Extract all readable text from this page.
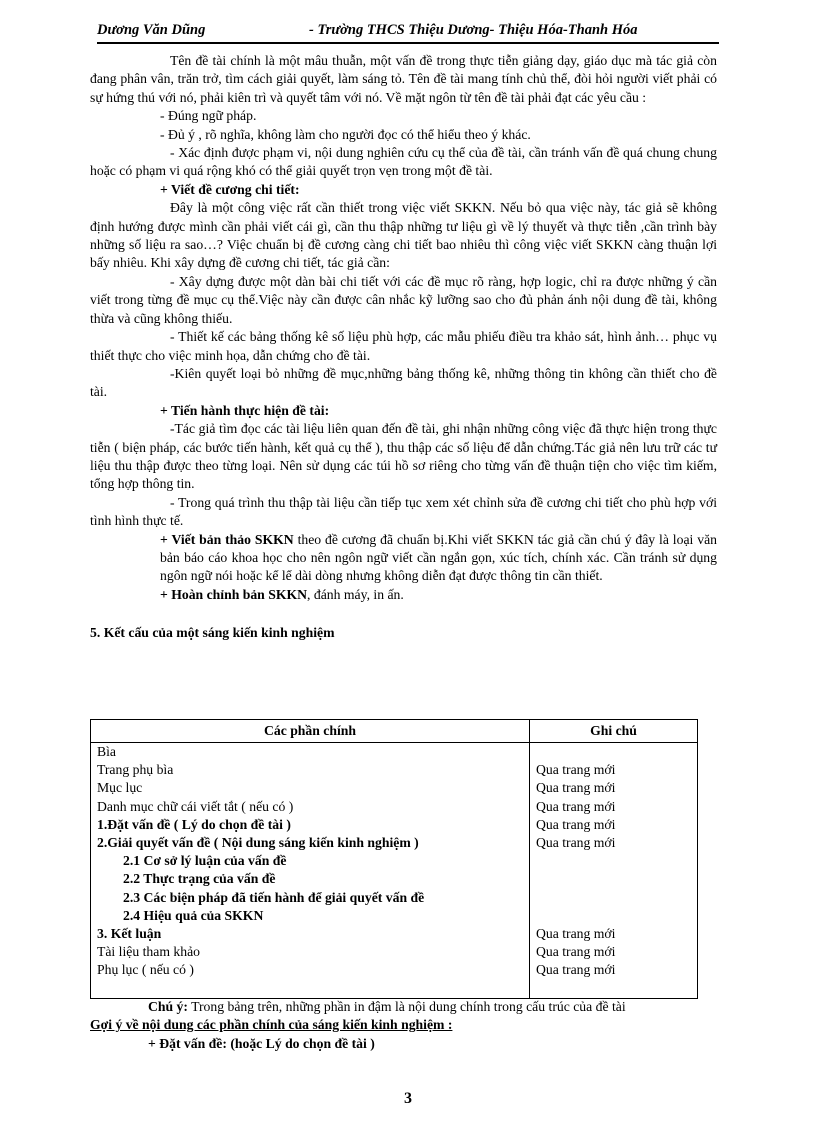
Dương Văn Dũng	- Trường THCS Thiệu Dương- Thiệu Hóa-Thanh Hóa

Tên đề tài chính là một mâu thuẫn, một vấn đề trong thực tiễn giảng dạy, giáo dục mà tác giả còn đang phân vân, trăn trở, tìm cách giải quyết, làm sáng tỏ. Tên đề tài mang tính chủ thể, đòi hỏi người viết phải có sự hứng thú với nó, phải kiên trì và quyết tâm với nó. Về mặt ngôn từ tên đề tài phải đạt các yêu cầu :

- Đúng ngữ pháp.

- Đủ ý , rõ nghĩa, không làm cho người đọc có thể hiểu theo ý khác.

- Xác định được phạm vi, nội dung nghiên cứu cụ thể của đề tài, cần tránh vấn đề quá chung chung hoặc có phạm vi quá rộng khó có thể giải quyết trọn vẹn trong một đề tài.

+ Viết đề cương chi tiết:

Đây là một công việc rất cần thiết trong việc viết SKKN. Nếu bỏ qua việc này, tác giả sẽ không định hướng được mình cần phải viết cái gì, cần thu thập những tư liệu gì về lý thuyết và thực tiễn ,cần trình bày những số liệu ra sao…? Việc chuẩn bị đề cương càng chi tiết bao nhiêu thì công việc viết SKKN càng thuận lợi bấy nhiêu. Khi xây dựng đề cương chi tiết, tác giả cần:

- Xây dựng được một dàn bài chi tiết với các đề mục rõ ràng, hợp logic, chỉ ra được những ý cần viết trong từng đề mục cụ thể.Việc này cần được cân nhắc kỹ lưỡng sao cho đủ phản ánh nội dung đề tài, không thừa và cũng không thiếu.

- Thiết kế các bảng thống kê số liệu phù hợp, các mẫu phiếu điều tra khảo sát, hình ảnh… phục vụ thiết thực cho việc minh họa, dẫn chứng cho đề tài.

-Kiên quyết loại bỏ những đề mục,những bảng thống kê, những thông tin không cần thiết cho đề tài.

+ Tiến hành thực hiện đề tài:

-Tác giả tìm đọc các tài liệu liên quan đến đề tài, ghi nhận những công việc đã thực hiện trong thực tiễn ( biện pháp, các bước tiến hành, kết quả cụ thể ), thu thập các số liệu để dẫn chứng.Tác giả nên lưu trữ các tư liệu thu thập được theo từng loại. Nên sử dụng các túi hồ sơ riêng cho từng vấn đề thuận tiện cho việc tìm kiếm, tổng hợp thông tin.

- Trong quá trình thu thập tài liệu cần tiếp tục xem xét chỉnh sửa đề cương chi tiết cho phù hợp với tình hình thực tế.

+ Viết bản thảo SKKN theo đề cương đã chuẩn bị.Khi viết SKKN tác giả cần chú ý đây là loại văn bản báo cáo khoa học cho nên ngôn ngữ viết cần ngắn gọn, xúc tích, chính xác. Cần tránh sử dụng ngôn ngữ nói hoặc kể lể dài dòng nhưng không diễn đạt được thông tin cần thiết.

+ Hoàn chỉnh bản SKKN, đánh máy, in ấn.

5. Kết cấu của một sáng kiến kinh nghiệm

Các phần chính	Ghi chú
Bìa	
Trang phụ bìa	Qua trang mới
Mục lục	Qua trang mới
Danh mục chữ cái viết tắt ( nếu có )	Qua trang mới
1.Đặt vấn đề ( Lý do chọn đề tài )	Qua trang mới
2.Giải quyết vấn đề ( Nội dung sáng kiến kinh nghiệm )	Qua trang mới
2.1 Cơ sở lý luận của vấn đề	
2.2 Thực trạng của vấn đề	
2.3 Các biện pháp đã tiến hành để giải quyết vấn đề	
2.4 Hiệu quả của SKKN	
3. Kết luận	Qua trang mới
Tài liệu tham khảo	Qua trang mới
Phụ lục ( nếu có )	Qua trang mới

Chú ý: Trong bảng trên, những phần in đậm là nội dung chính trong cấu trúc của đề tài

Gợi ý về nội dung các phần chính của sáng kiến kinh nghiệm :

+ Đặt vấn đề: (hoặc Lý do chọn đề tài )

3
